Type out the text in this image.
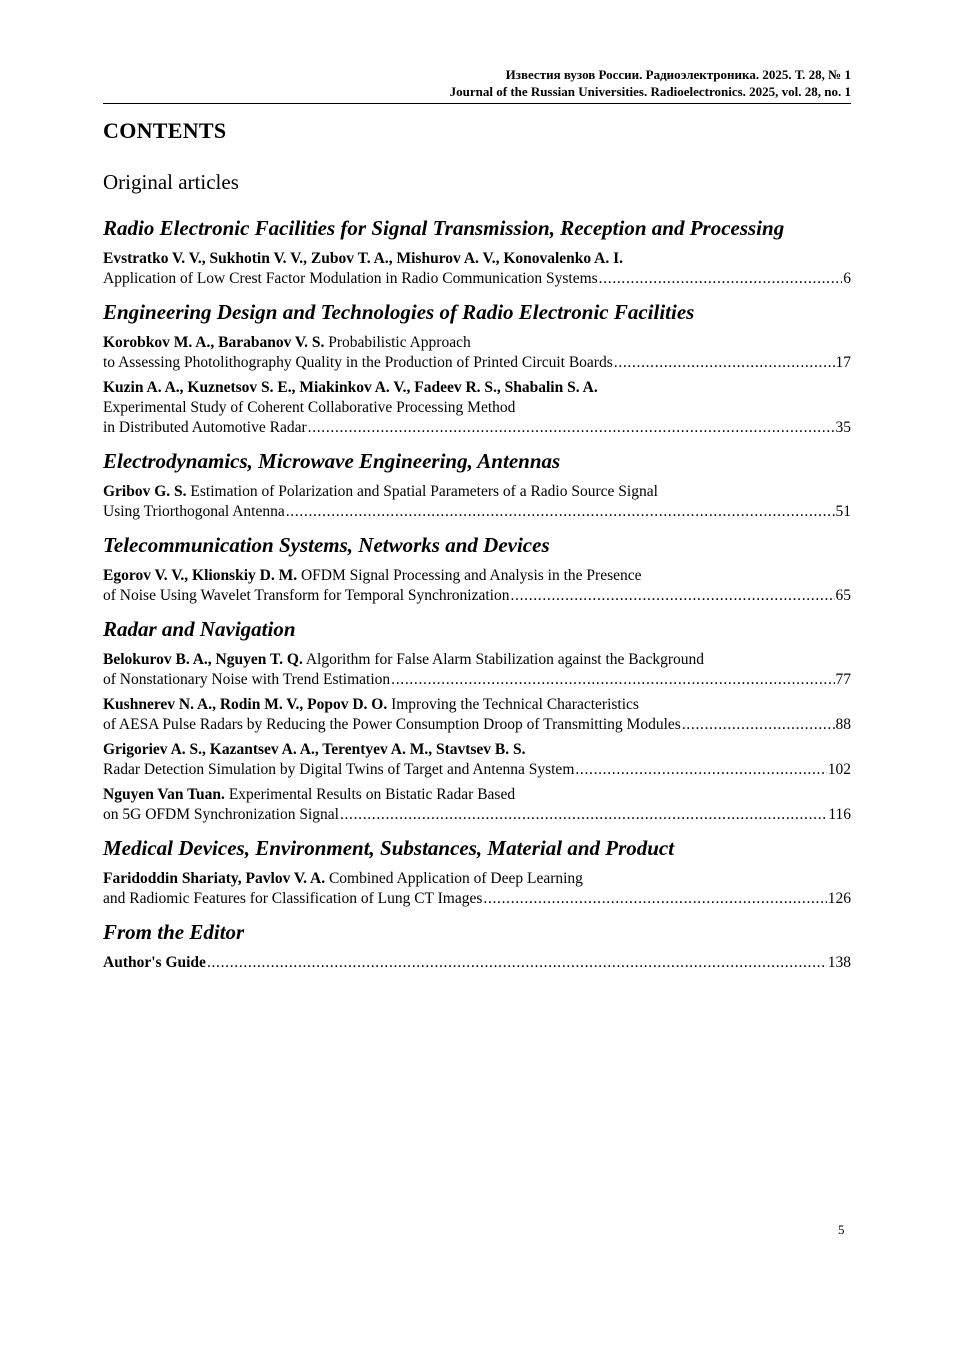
Известия вузов России. Радиоэлектроника. 2025. Т. 28, № 1
Journal of the Russian Universities. Radioelectronics. 2025, vol. 28, no. 1
CONTENTS
Original articles
Radio Electronic Facilities for Signal Transmission, Reception and Processing
Evstratko V. V., Sukhotin V. V., Zubov T. A., Mishurov A. V., Konovalenko A. I.
Application of Low Crest Factor Modulation in Radio Communication Systems . . .	6
Engineering Design and Technologies of Radio Electronic Facilities
Korobkov M. A., Barabanov V. S. Probabilistic Approach
to Assessing Photolithography Quality in the Production of Printed Circuit Boards . . .	17
Kuzin A. A., Kuznetsov S. E., Miakinkov A. V., Fadeev R. S., Shabalin S. A.
Experimental Study of Coherent Collaborative Processing Method
in Distributed Automotive Radar . . .	35
Electrodynamics, Microwave Engineering, Antennas
Gribov G. S. Estimation of Polarization and Spatial Parameters of a Radio Source Signal
Using Triorthogonal Antenna . . .	51
Telecommunication Systems, Networks and Devices
Egorov V. V., Klionskiy D. M. OFDM Signal Processing and Analysis in the Presence
of Noise Using Wavelet Transform for Temporal Synchronization . . .	65
Radar and Navigation
Belokurov B. A., Nguyen T. Q. Algorithm for False Alarm Stabilization against the Background
of Nonstationary Noise with Trend Estimation . . .	77
Kushnerev N. A., Rodin M. V., Popov D. O. Improving the Technical Characteristics
of AESA Pulse Radars by Reducing the Power Consumption Droop of Transmitting Modules . . .	88
Grigoriev A. S., Kazantsev A. A., Terentyev A. M., Stavtsev B. S.
Radar Detection Simulation by Digital Twins of Target and Antenna System . . .	102
Nguyen Van Tuan. Experimental Results on Bistatic Radar Based
on 5G OFDM Synchronization Signal . . .	116
Medical Devices, Environment, Substances, Material and Product
Faridoddin Shariaty, Pavlov V. A. Combined Application of Deep Learning
and Radiomic Features for Classification of Lung CT Images . . .	126
From the Editor
Author's Guide . . .	138
5
